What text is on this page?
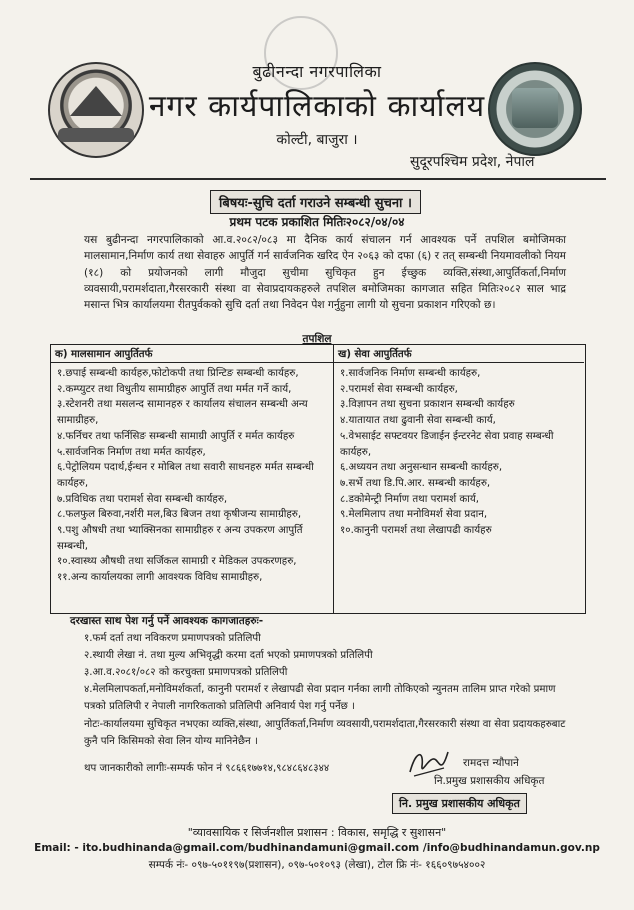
बुढीनन्दा नगरपालिका
नगर कार्यपालिकाको कार्यालय
कोल्टी, बाजुरा ।
सुदूरपश्चिम प्रदेश, नेपाल
बिषयः-सुचि दर्ता गराउने सम्बन्धी सुचना ।
प्रथम पटक प्रकाशित मितिः२०८२/०४/०४
यस बुढीनन्दा नगरपालिकाको आ.व.२०८२/०८३ मा दैनिक कार्य संचालन गर्न आवश्यक पर्ने तपशिल बमोजिमका मालसामान,निर्माण कार्य तथा सेवाहरु आपुर्ति गर्न सार्वजनिक खरिद ऐन २०६३ को दफा (६) र तत् सम्बन्धी नियमावलीको नियम (१८) को प्रयोजनको लागी मौजुदा सुचीमा सुचिकृत हुन ईच्छुक व्यक्ति,संस्था,आपुर्तिकर्ता,निर्माण व्यवसायी,परामर्शदाता,गैरसरकारी संस्था वा सेवाप्रदायकहरुले तपशिल बमोजिमका कागजात सहित मितिः२०८२ साल भाद्र मसान्त भित्र कार्यालयमा रीतपुर्वकको सुचि दर्ता तथा निवेदन पेश गर्नुहुना लागी यो सुचना प्रकाशन गरिएको छ।
तपशिल
क) मालसामान आपुर्तितर्फ
१.छपाई सम्बन्धी कार्यहरु,फोटोकपी तथा प्रिन्टिङ सम्बन्धी कार्यहरु,
२.कम्प्युटर तथा विधुतीय सामाग्रीहरु आपुर्ति तथा मर्मत गर्ने कार्य,
३.स्टेशनरी तथा मसलन्द सामानहरु र कार्यालय संचालन सम्बन्धी अन्य सामाग्रीहरु,
४.फर्निचर तथा फर्निसिङ सम्बन्धी सामाग्री आपुर्ति र मर्मत कार्यहरु
५.सार्वजनिक निर्माण तथा मर्मत कार्यहरु,
६.पेट्रोलियम पदार्थ,ईन्धन र मोबिल तथा सवारी साधनहरु मर्मत सम्बन्धी कार्यहरु,
७.प्रविधिक तथा परामर्श सेवा सम्बन्धी कार्यहरु,
८.फलफुल बिरुवा,नर्शरी मल,बिउ बिजन तथा कृषीजन्य सामाग्रीहरु,
९.पशु औषधी तथा भ्याक्सिनका सामाग्रीहरु र अन्य उपकरण आपुर्ति सम्बन्धी,
१०.स्वास्थ्य औषधी तथा सर्जिकल सामाग्री र मेडिकल उपकरणहरु,
११.अन्य कार्यालयका लागी आवश्यक विविध सामाग्रीहरु,
ख) सेवा आपुर्तितर्फ
१.सार्वजनिक निर्माण सम्बन्धी कार्यहरु,
२.परामर्श सेवा सम्बन्धी कार्यहरु,
३.विज्ञापन तथा सुचना प्रकाशन सम्बन्धी कार्यहरु
४.यातायात तथा ढुवानी सेवा सम्बन्धी कार्य,
५.वेभसाईट सफ्टवयर डिजाईन ईन्टरनेट सेवा प्रवाह सम्बन्धी कार्यहरु,
६.अध्ययन तथा अनुसन्धान सम्बन्धी कार्यहरु,
७.सर्भे तथा डि.पि.आर. सम्बन्धी कार्यहरु,
८.डकोमेन्ट्री निर्माण तथा परामर्श कार्य,
९.मेलमिलाप तथा मनोविमर्श सेवा प्रदान,
१०.कानुनी परामर्श तथा लेखापढी कार्यहरु
दरखास्त साथ पेश गर्नु पर्ने आवश्यक कागजातहरुः-
१.फर्म दर्ता तथा नविकरण प्रमाणपत्रको प्रतिलिपी
२.स्थायी लेखा नं. तथा मुल्य अभिवृद्धी करमा दर्ता भएको प्रमाणपत्रको प्रतिलिपी
३.आ.व.२०८१/०८२ को करचुक्ता प्रमाणपत्रको प्रतिलिपी
४.मेलमिलापकर्ता,मनोविमर्शकर्ता, कानुनी परामर्श र लेखापढी सेवा प्रदान गर्नका लागी तोकिएको न्युनतम तालिम प्राप्त गरेको प्रमाण पत्रको प्रतिलिपी र नेपाली नागरिकताको प्रतिलिपी अनिवार्य पेश गर्नु पर्नेछ ।
नोटः-कार्यालयमा सुचिकृत नभएका व्यक्ति,संस्था, आपुर्तिकर्ता,निर्माण व्यवसायी,परामर्शदाता,गैरसरकारी संस्था वा सेवा प्रदायकहरुबाट कुनै पनि किसिमको सेवा लिन योग्य मानिनेछैन ।
थप जानकारीको लागीः-सम्पर्क फोन नं ९८६६१७७१४,९८४८६४८३४४	रामदत्त न्यौपाने
नि.प्रमुख प्रशासकीय अधिकृत
नि. प्रमुख प्रशासकीय अधिकृत
"व्यावसायिक र सिर्जनशील प्रशासन : विकास, समृद्धि र सुशासन"
Email: - ito.budhinanda@gmail.com/budhinandamuni@gmail.com /info@budhinandamun.gov.np
सम्पर्क नंः- ०९७-५०११९७(प्रशासन), ०९७-५०१०९३ (लेखा), टोल फ्रि नंः- १६६०९७५४००२
